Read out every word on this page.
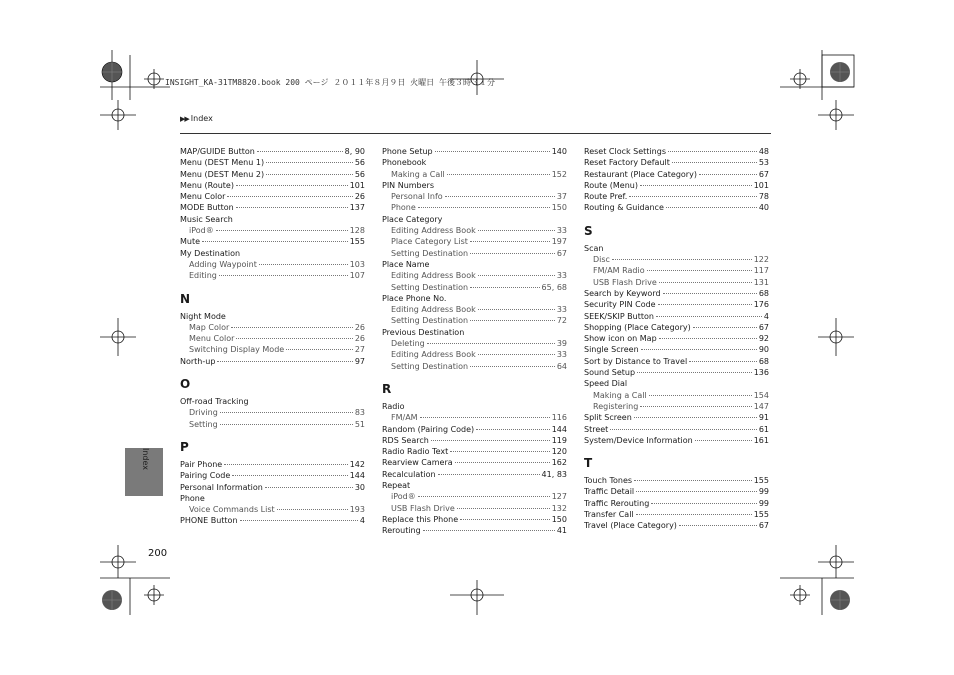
INSIGHT_KA-31TM8820.book 200 ページ ２０１１年８月９日 火曜日 午後３時３１分
▶▶ Index
MAP/GUIDE Button	8, 90
Menu (DEST Menu 1)	56
Menu (DEST Menu 2)	56
Menu (Route)	101
Menu Color	26
MODE Button	137
Music Search
iPod®	128
Mute	155
My Destination
Adding Waypoint	103
Editing	107
N
Night Mode
Map Color	26
Menu Color	26
Switching Display Mode	27
North-up	97
O
Off-road Tracking
Driving	83
Setting	51
P
Pair Phone	142
Pairing Code	144
Personal Information	30
Phone
Voice Commands List	193
PHONE Button	4
Phone Setup	140
Phonebook
Making a Call	152
PIN Numbers
Personal Info	37
Phone	150
Place Category
Editing Address Book	33
Place Category List	197
Setting Destination	67
Place Name
Editing Address Book	33
Setting Destination	65, 68
Place Phone No.
Editing Address Book	33
Setting Destination	72
Previous Destination
Deleting	39
Editing Address Book	33
Setting Destination	64
R
Radio
FM/AM	116
Random (Pairing Code)	144
RDS Search	119
Radio Radio Text	120
Rearview Camera	162
Recalculation	41, 83
Repeat
iPod®	127
USB Flash Drive	132
Replace this Phone	150
Rerouting	41
Reset Clock Settings	48
Reset Factory Default	53
Restaurant (Place Category)	67
Route (Menu)	101
Route Pref.	78
Routing & Guidance	40
S
Scan
Disc	122
FM/AM Radio	117
USB Flash Drive	131
Search by Keyword	68
Security PIN Code	176
SEEK/SKIP Button	4
Shopping (Place Category)	67
Show icon on Map	92
Single Screen	90
Sort by Distance to Travel	68
Sound Setup	136
Speed Dial
Making a Call	154
Registering	147
Split Screen	91
Street	61
System/Device Information	161
T
Touch Tones	155
Traffic Detail	99
Traffic Rerouting	99
Transfer Call	155
Travel (Place Category)	67
Index
200
